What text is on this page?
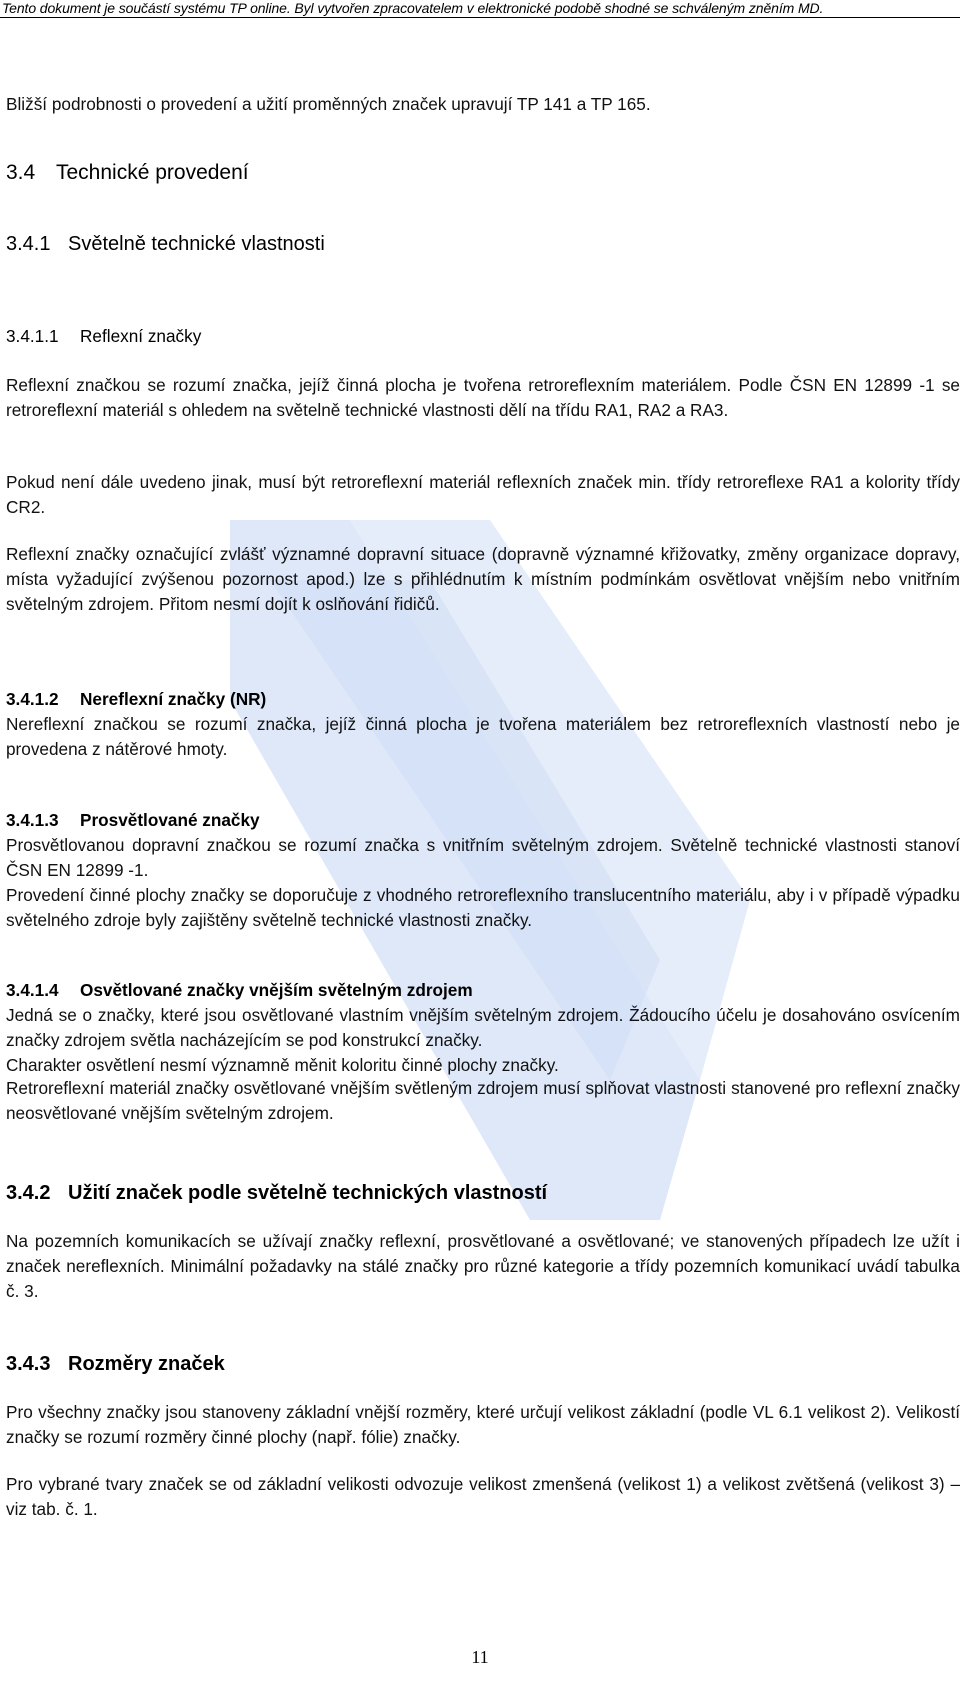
Tento dokument je součástí systému TP online. Byl vytvořen zpracovatelem v elektronické podobě shodné se schváleným zněním MD.
Bližší podrobnosti o provedení a užití proměnných značek upravují TP 141 a TP 165.
3.4 Technické provedení
3.4.1 Světelně technické vlastnosti
3.4.1.1 Reflexní značky
Reflexní značkou se rozumí značka, jejíž činná plocha je tvořena retroreflexním materiálem. Podle ČSN EN 12899 -1 se retroreflexní materiál s ohledem na světelně technické vlastnosti dělí na třídu RA1, RA2 a RA3.
Pokud není dále uvedeno jinak, musí být retroreflexní materiál reflexních značek min. třídy retroreflexe RA1 a kolority třídy CR2.
Reflexní značky označující zvlášť významné dopravní situace (dopravně významné křižovatky, změny organizace dopravy, místa vyžadující zvýšenou pozornost apod.) lze s přihlédnutím k místním podmínkám osvětlovat vnějším nebo vnitřním světelným zdrojem. Přitom nesmí dojít k oslňování řidičů.
3.4.1.2 Nereflexní značky (NR)
Nereflexní značkou se rozumí značka, jejíž činná plocha je tvořena materiálem bez retroreflexních vlastností nebo je provedena z nátěrové hmoty.
3.4.1.3 Prosvětlované značky
Prosvětlovanou dopravní značkou se rozumí značka s vnitřním světelným zdrojem. Světelně technické vlastnosti stanoví ČSN EN 12899 -1.
Provedení činné plochy značky se doporučuje z vhodného retroreflexního translucentního materiálu, aby i v případě výpadku světelného zdroje byly zajištěny světelně technické vlastnosti značky.
3.4.1.4 Osvětlované značky vnějším světelným zdrojem
Jedná se o značky, které jsou osvětlované vlastním vnějším světelným zdrojem. Žádoucího účelu je dosahováno osvícením značky zdrojem světla nacházejícím se pod konstrukcí značky.
Charakter osvětlení nesmí významně měnit koloritu činné plochy značky.
Retroreflexní materiál značky osvětlované vnějším světleným zdrojem musí splňovat vlastnosti stanovené pro reflexní značky neosvětlované vnějším světelným zdrojem.
3.4.2 Užití značek podle světelně technických vlastností
Na pozemních komunikacích se užívají značky reflexní, prosvětlované a osvětlované; ve stanovených případech lze užít i značek nereflexních. Minimální požadavky na stálé značky pro různé kategorie a třídy pozemních komunikací uvádí tabulka č. 3.
3.4.3 Rozměry značek
Pro všechny značky jsou stanoveny základní vnější rozměry, které určují velikost základní (podle VL 6.1 velikost 2). Velikostí značky se rozumí rozměry činné plochy (např. fólie) značky.
Pro vybrané tvary značek se od základní velikosti odvozuje velikost zmenšená (velikost 1) a velikost zvětšená (velikost 3) – viz tab. č. 1.
11
